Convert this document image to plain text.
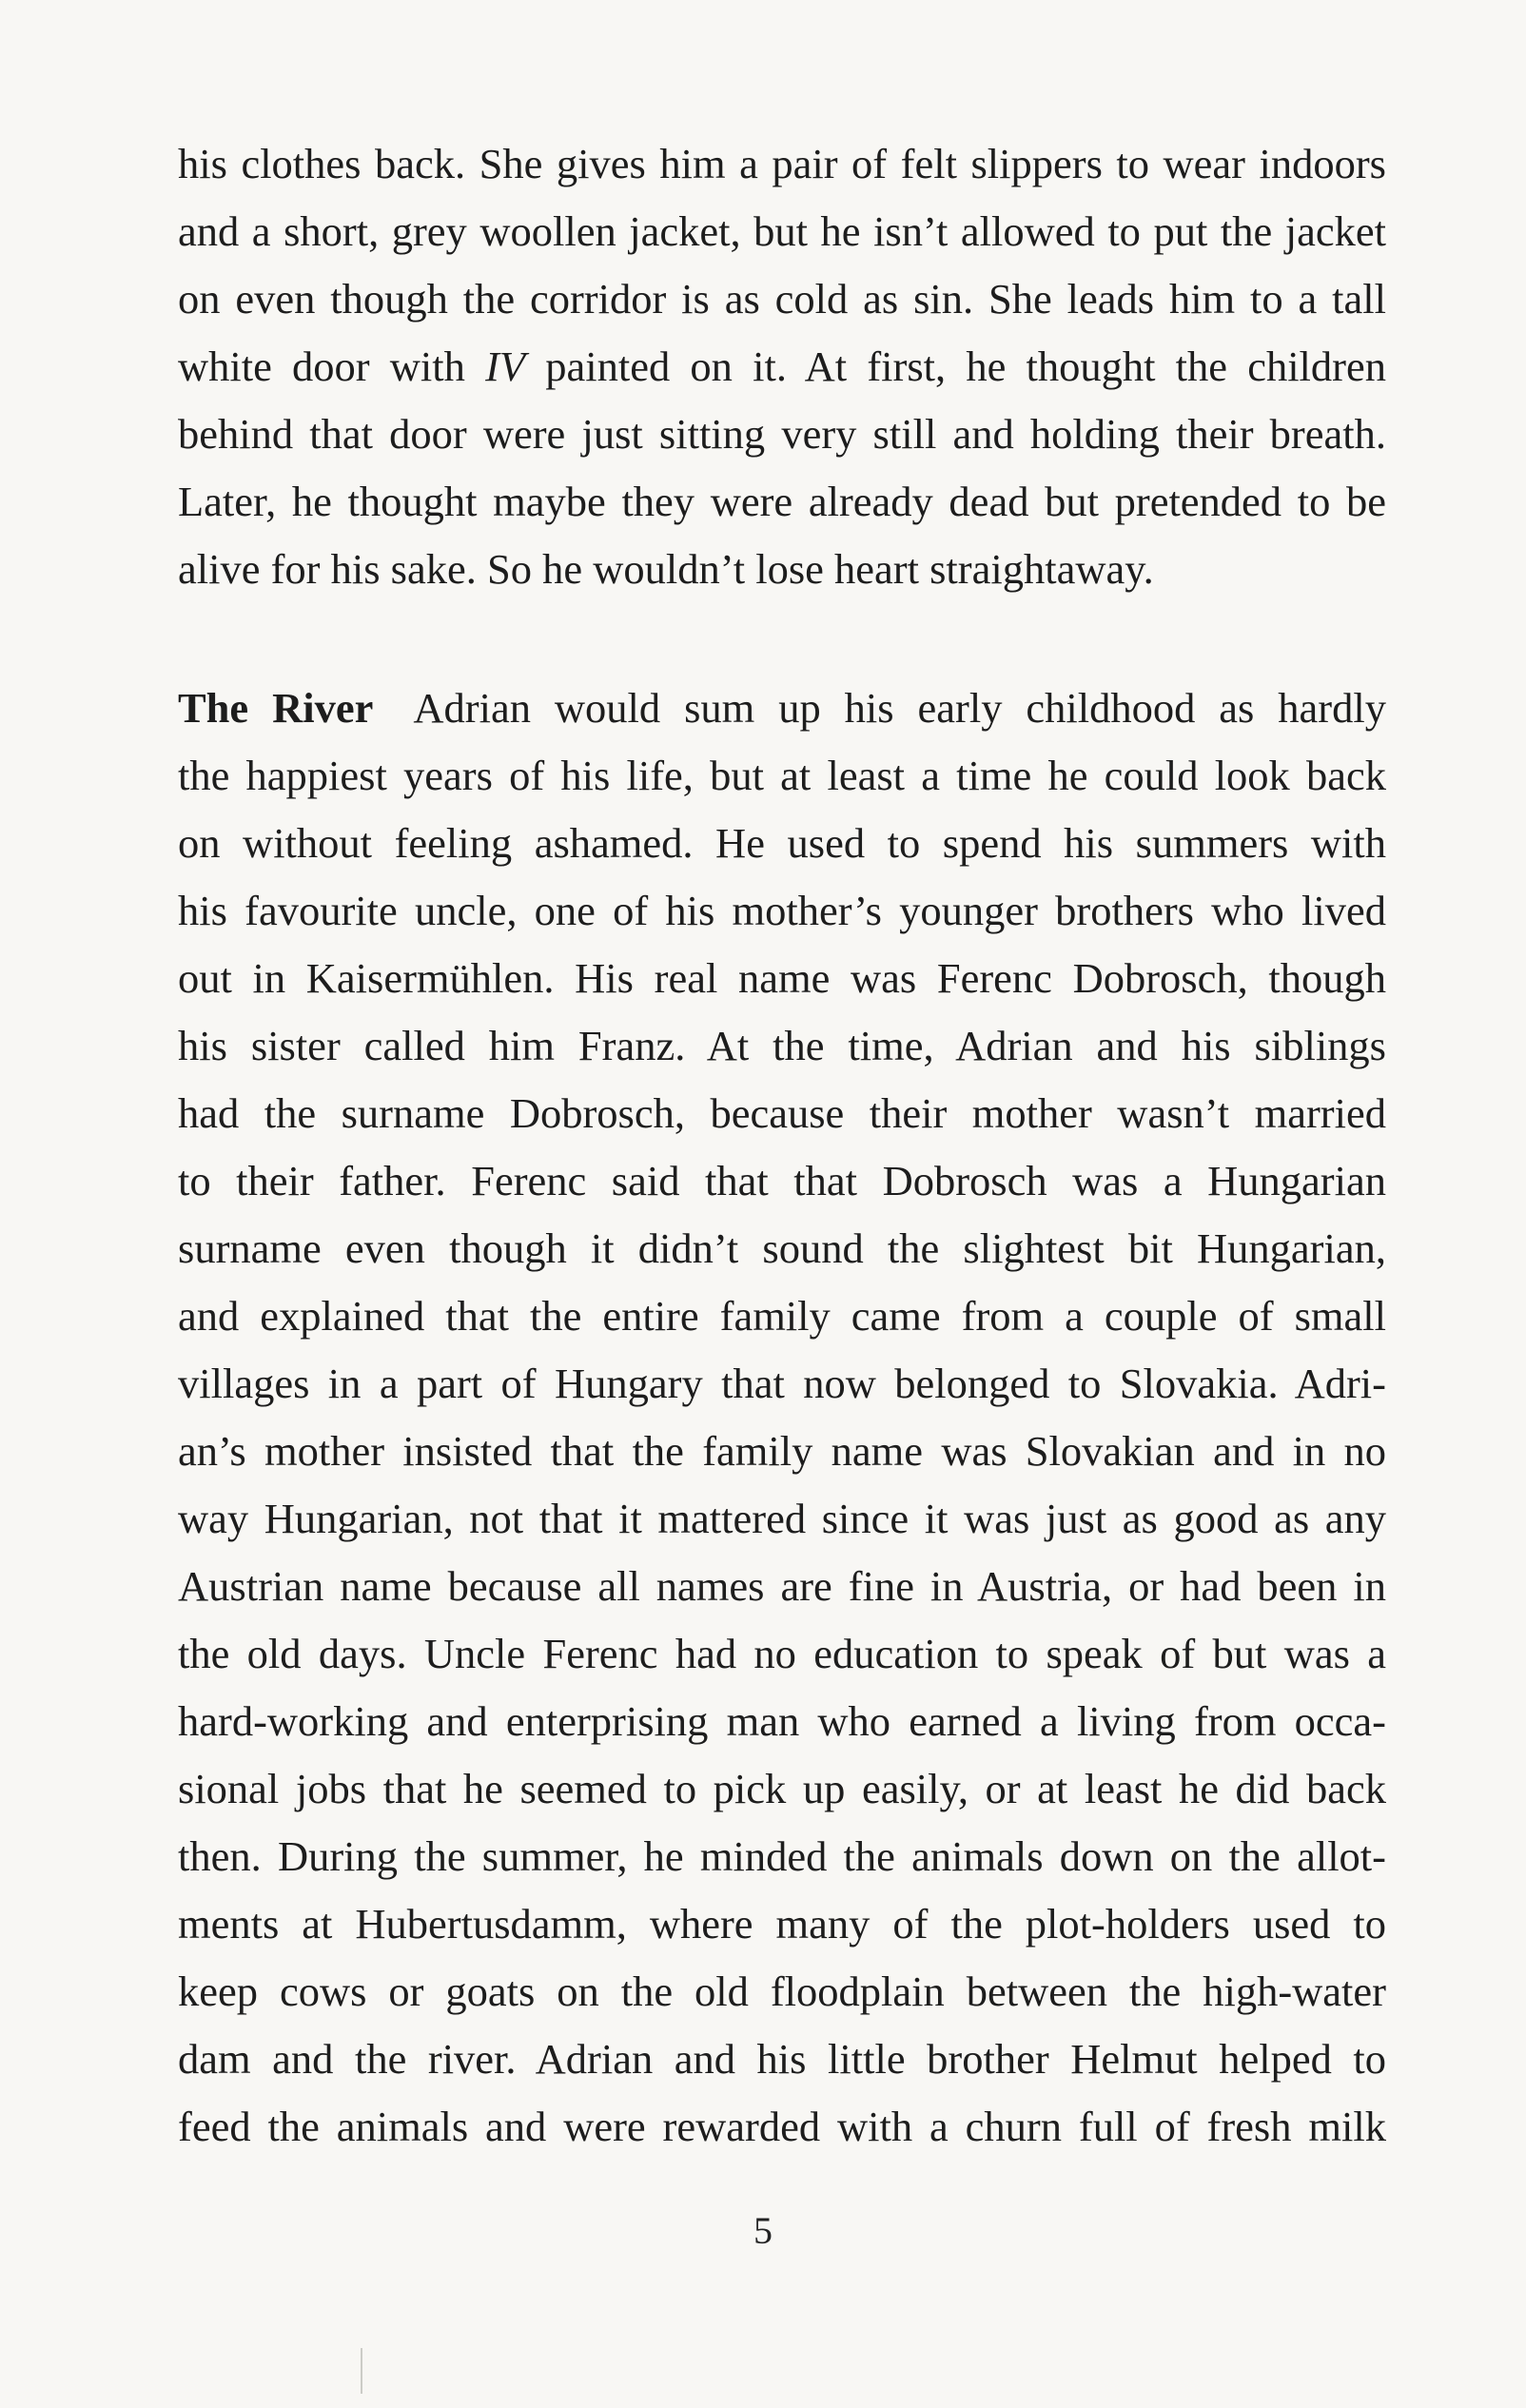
his clothes back. She gives him a pair of felt slippers to wear indoors
and a short, grey woollen jacket, but he isn’t allowed to put the jacket
on even though the corridor is as cold as sin. She leads him to a tall
white door with IV painted on it. At first, he thought the children
behind that door were just sitting very still and holding their breath.
Later, he thought maybe they were already dead but pretended to be
alive for his sake. So he wouldn’t lose heart straightaway.
The River Adrian would sum up his early childhood as hardly
the happiest years of his life, but at least a time he could look back
on without feeling ashamed. He used to spend his summers with
his favourite uncle, one of his mother’s younger brothers who lived
out in Kaisermühlen. His real name was Ferenc Dobrosch, though
his sister called him Franz. At the time, Adrian and his siblings
had the surname Dobrosch, because their mother wasn’t married
to their father. Ferenc said that that Dobrosch was a Hungarian
surname even though it didn’t sound the slightest bit Hungarian,
and explained that the entire family came from a couple of small
villages in a part of Hungary that now belonged to Slovakia. Adri-
an’s mother insisted that the family name was Slovakian and in no
way Hungarian, not that it mattered since it was just as good as any
Austrian name because all names are fine in Austria, or had been in
the old days. Uncle Ferenc had no education to speak of but was a
hard-working and enterprising man who earned a living from occa-
sional jobs that he seemed to pick up easily, or at least he did back
then. During the summer, he minded the animals down on the allot-
ments at Hubertusdamm, where many of the plot-holders used to
keep cows or goats on the old floodplain between the high-water
dam and the river. Adrian and his little brother Helmut helped to
feed the animals and were rewarded with a churn full of fresh milk
5
